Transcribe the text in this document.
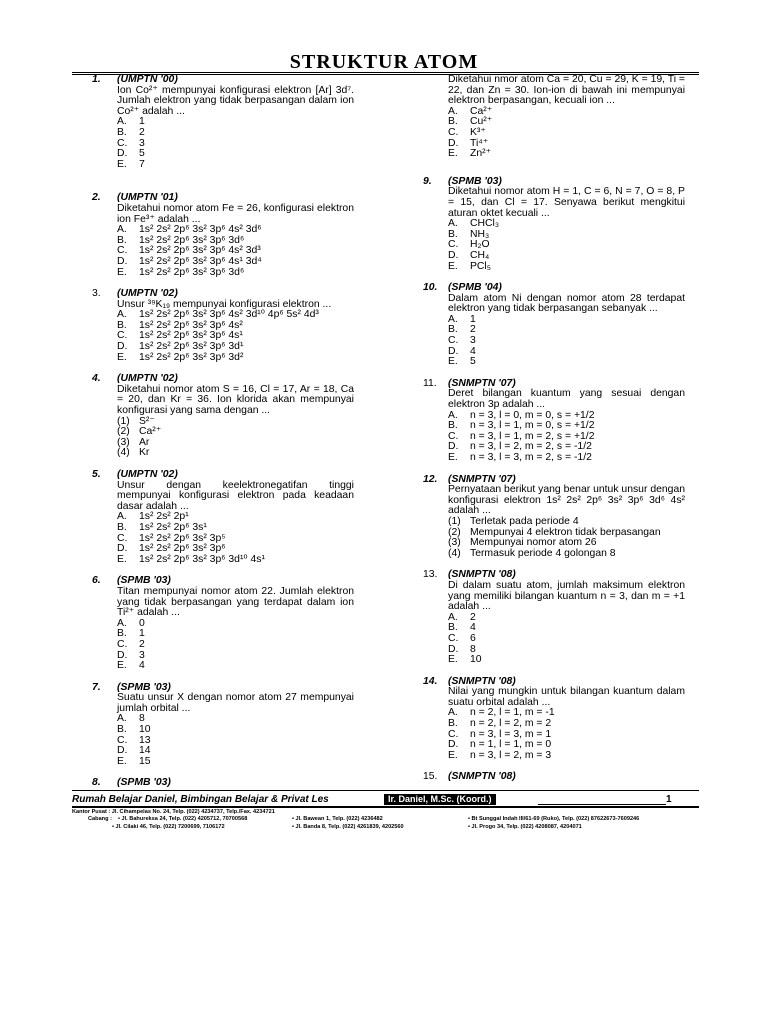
STRUKTUR ATOM
1. (UMPTN '00)
Ion Co²⁺ mempunyai konfigurasi elektron [Ar] 3d⁷. Jumlah elektron yang tidak berpasangan dalam ion Co²⁺ adalah ...
A.	1
B.	2
C.	3
D.	5
E.	7
2. (UMPTN '01)
Diketahui nomor atom Fe = 26, konfigurasi elektron ion Fe³⁺ adalah ...
A.	1s² 2s² 2p⁶ 3s² 3p⁶ 4s² 3d⁶
B.	1s² 2s² 2p⁶ 3s² 3p⁶ 3d⁶
C.	1s² 2s² 2p⁶ 3s² 3p⁶ 4s² 3d³
D.	1s² 2s² 2p⁶ 3s² 3p⁶ 4s¹ 3d⁴
E.	1s² 2s² 2p⁶ 3s² 3p⁶ 3d⁶
3. (UMPTN '02)
Unsur ³⁹K₁₉ mempunyai konfigurasi elektron ...
A.	1s² 2s² 2p⁶ 3s² 3p⁶ 4s² 3d¹⁰ 4p⁶ 5s² 4d³
B.	1s² 2s² 2p⁶ 3s² 3p⁶ 4s²
C.	1s² 2s² 2p⁶ 3s² 3p⁶ 4s¹
D.	1s² 2s² 2p⁶ 3s² 3p⁶ 3d¹
E.	1s² 2s² 2p⁶ 3s² 3p⁶ 3d²
4. (UMPTN '02)
Diketahui nomor atom S = 16, Cl = 17, Ar = 18, Ca = 20, dan Kr = 36. Ion klorida akan mempunyai konfigurasi yang sama dengan ...
(1) S²⁻
(2) Ca²⁺
(3) Ar
(4) Kr
5. (UMPTN '02)
Unsur dengan keelektronegatifan tinggi mempunyai konfigurasi elektron pada keadaan dasar adalah ...
A.	1s² 2s² 2p¹
B.	1s² 2s² 2p⁶ 3s¹
C.	1s² 2s² 2p⁶ 3s² 3p⁵
D.	1s² 2s² 2p⁶ 3s² 3p⁶
E.	1s² 2s² 2p⁶ 3s² 3p⁶ 3d¹⁰ 4s¹
6. (SPMB '03)
Titan mempunyai nomor atom 22. Jumlah elektron yang tidak berpasangan yang terdapat dalam ion Ti²⁺ adalah ...
A.	0
B.	1
C.	2
D.	3
E.	4
7. (SPMB '03)
Suatu unsur X dengan nomor atom 27 mempunyai jumlah orbital ...
A.	8
B.	10
C.	13
D.	14
E.	15
8. (SPMB '03)
Diketahui nmor atom Ca = 20, Cu = 29, K = 19, Ti = 22, dan Zn = 30. Ion-ion di bawah ini mempunyai elektron berpasangan, kecuali ion ...
A.	Ca²⁺
B.	Cu²⁺
C.	K³⁺
D.	Ti⁴⁺
E.	Zn²⁺
9. (SPMB '03)
Diketahui nomor atom H = 1, C = 6, N = 7, O = 8, P = 15, dan Cl = 17. Senyawa berikut mengkitui aturan oktet kecuali ...
A.	CHCl₃
B.	NH₃
C.	H₂O
D.	CH₄
E.	PCl₅
10. (SPMB '04)
Dalam atom Ni dengan nomor atom 28 terdapat elektron yang tidak berpasangan sebanyak ...
A.	1
B.	2
C.	3
D.	4
E.	5
11. (SNMPTN '07)
Deret bilangan kuantum yang sesuai dengan elektron 3p adalah ...
A.	n = 3, l = 0, m = 0, s = +1/2
B.	n = 3, l = 1, m = 0, s = +1/2
C.	n = 3, l = 1, m = 2, s = +1/2
D.	n = 3, l = 2, m = 2, s = -1/2
E.	n = 3, l = 3, m = 2, s = -1/2
12. (SNMPTN '07)
Pernyataan berikut yang benar untuk unsur dengan konfigurasi elektron 1s² 2s² 2p⁶ 3s² 3p⁶ 3d⁶ 4s² adalah ...
(1) Terletak pada periode 4
(2) Mempunyai 4 elektron tidak berpasangan
(3) Mempunyai nomor atom 26
(4) Termasuk periode 4 golongan 8
13. (SNMPTN '08)
Di dalam suatu atom, jumlah maksimum elektron yang memiliki bilangan kuantum n = 3, dan m = +1 adalah ...
A.	2
B.	4
C.	6
D.	8
E.	10
14. (SNMPTN '08)
Nilai yang mungkin untuk bilangan kuantum dalam suatu orbital adalah ...
A.	n = 2, l = 1, m = -1
B.	n = 2, l = 2, m = 2
C.	n = 3, l = 3, m = 1
D.	n = 1, l = 1, m = 0
E.	n = 3, l = 2, m = 3
15. (SNMPTN '08)
Rumah Belajar Daniel, Bimbingan Belajar & Privat Les	Ir. Daniel, M.Sc. (Koord.)	1
Kantor Pusat : Jl. Cihampelas No. 24, Telp. (022) 4234737, Telp./Fax. 4234721
Cabang : • Jl. Bahureksa 24, Telp. (022) 4205712, 70700568	• Jl. Bawean 1, Telp. (022) 4236482	• Bt Sunggal Indah III/61-69 (Ruko), Telp. (022) 87622673-7609246
• Jl. Cilaki 46, Telp. (022) 7200699, 7106172	• Jl. Banda 8, Telp. (022) 4261839, 4202560	• Jl. Progo 34, Telp. (022) 4208087, 4204071
